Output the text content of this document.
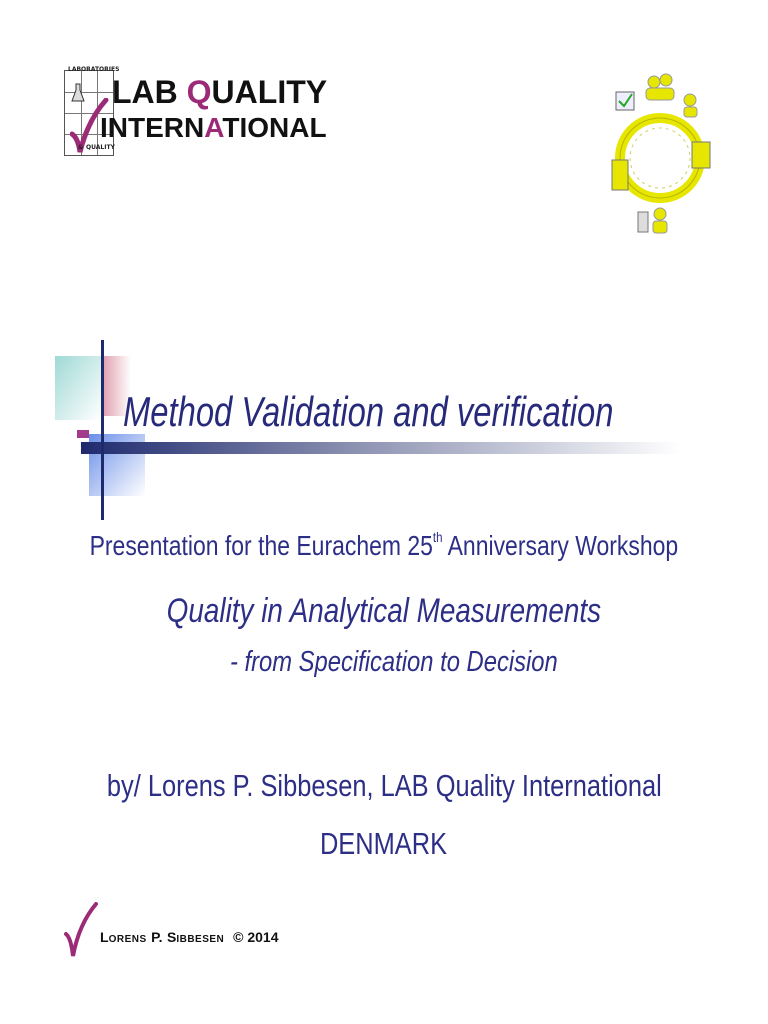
LABORATORIES
& QUALITY
LAB QUALITY
INTERNATIONAL
Method Validation and verification
Presentation for the Eurachem 25th Anniversary Workshop
Quality in Analytical Measurements
- from Specification to Decision
by/ Lorens P. Sibbesen, LAB Quality International
DENMARK
LORENS P. SIBBESEN © 2014
